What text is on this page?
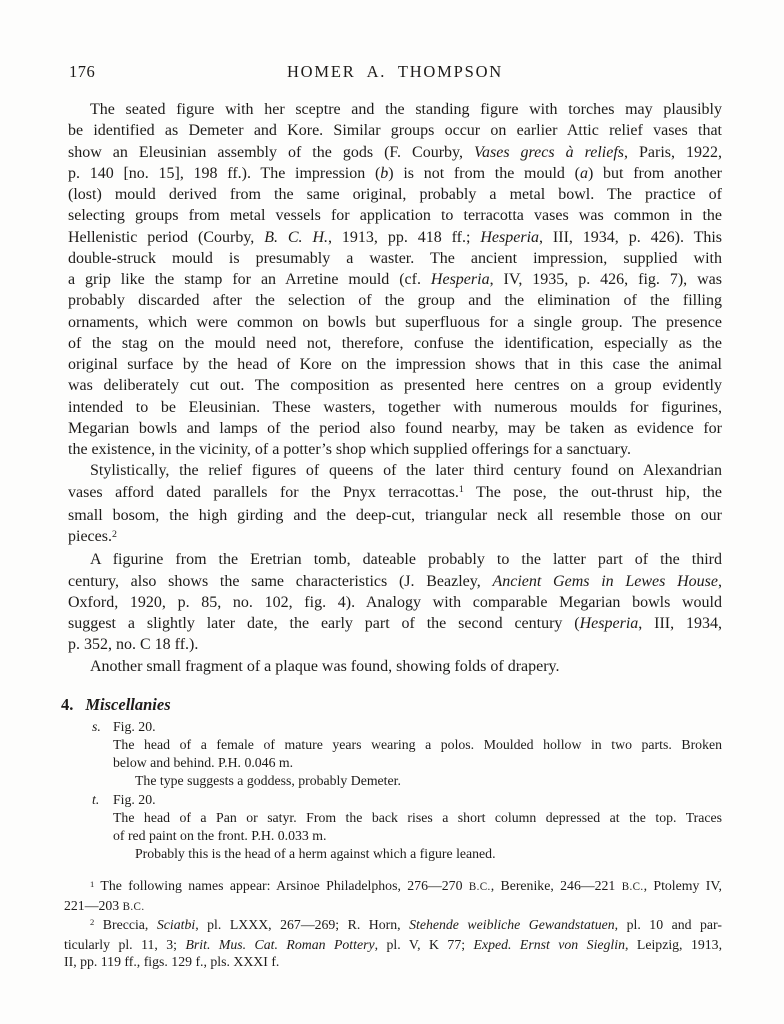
176	HOMER A. THOMPSON
The seated figure with her sceptre and the standing figure with torches may plausibly
be identified as Demeter and Kore. Similar groups occur on earlier Attic relief vases that
show an Eleusinian assembly of the gods (F. Courby, Vases grecs à reliefs, Paris, 1922,
p. 140 [no. 15], 198 ff.). The impression (b) is not from the mould (a) but from another
(lost) mould derived from the same original, probably a metal bowl. The practice of
selecting groups from metal vessels for application to terracotta vases was common in the
Hellenistic period (Courby, B. C. H., 1913, pp. 418 ff.; Hesperia, III, 1934, p. 426). This
double-struck mould is presumably a waster. The ancient impression, supplied with
a grip like the stamp for an Arretine mould (cf. Hesperia, IV, 1935, p. 426, fig. 7), was
probably discarded after the selection of the group and the elimination of the filling
ornaments, which were common on bowls but superfluous for a single group. The presence
of the stag on the mould need not, therefore, confuse the identification, especially as the
original surface by the head of Kore on the impression shows that in this case the animal
was deliberately cut out. The composition as presented here centres on a group evidently
intended to be Eleusinian. These wasters, together with numerous moulds for figurines,
Megarian bowls and lamps of the period also found nearby, may be taken as evidence for
the existence, in the vicinity, of a potter’s shop which supplied offerings for a sanctuary.
Stylistically, the relief figures of queens of the later third century found on Alexandrian
vases afford dated parallels for the Pnyx terracottas.$^1$ The pose, the out-thrust hip, the
small bosom, the high girding and the deep-cut, triangular neck all resemble those on our
pieces.$^2$
A figurine from the Eretrian tomb, dateable probably to the latter part of the third
century, also shows the same characteristics (J. Beazley, Ancient Gems in Lewes House,
Oxford, 1920, p. 85, no. 102, fig. 4). Analogy with comparable Megarian bowls would
suggest a slightly later date, the early part of the second century (Hesperia, III, 1934,
p. 352, no. C 18 ff.).
Another small fragment of a plaque was found, showing folds of drapery.
4. Miscellanies
s. Fig. 20.
The head of a female of mature years wearing a polos. Moulded hollow in two parts. Broken
below and behind. P.H. 0.046 m.
The type suggests a goddess, probably Demeter.
t. Fig. 20.
The head of a Pan or satyr. From the back rises a short column depressed at the top. Traces
of red paint on the front. P.H. 0.033 m.
Probably this is the head of a herm against which a figure leaned.
$^1$ The following names appear: Arsinoe Philadelphos, 276—270 B.C., Berenike, 246—221 B.C., Ptolemy IV,
221—203 B.C.
$^2$ Breccia, Sciatbi, pl. LXXX, 267—269; R. Horn, Stehende weibliche Gewandstatuen, pl. 10 and par-
ticularly pl. 11, 3; Brit. Mus. Cat. Roman Pottery, pl. V, K 77; Exped. Ernst von Sieglin, Leipzig, 1913,
II, pp. 119 ff., figs. 129 f., pls. XXXI f.
